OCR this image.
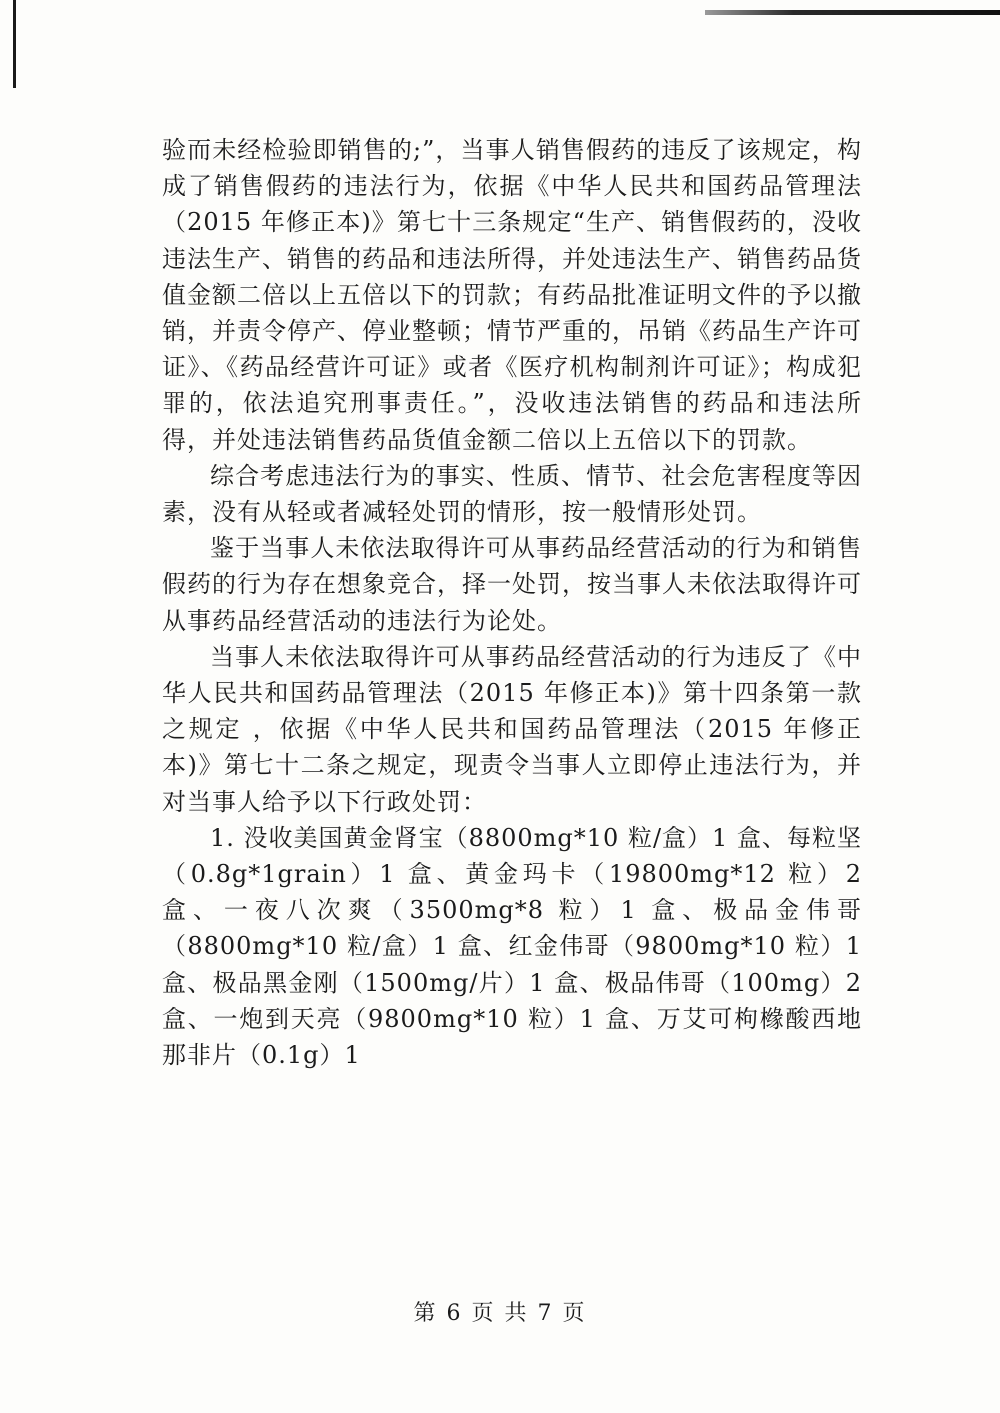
验而未经检验即销售的;”，当事人销售假药的违反了该规定，构成了销售假药的违法行为，依据《中华人民共和国药品管理法（2015 年修正本)》第七十三条规定“生产、销售假药的，没收违法生产、销售的药品和违法所得，并处违法生产、销售药品货值金额二倍以上五倍以下的罚款；有药品批准证明文件的予以撤销，并责令停产、停业整顿；情节严重的，吊销《药品生产许可证》、《药品经营许可证》或者《医疗机构制剂许可证》；构成犯罪的，依法追究刑事责任。”，没收违法销售的药品和违法所得，并处违法销售药品货值金额二倍以上五倍以下的罚款。

综合考虑违法行为的事实、性质、情节、社会危害程度等因素，没有从轻或者减轻处罚的情形，按一般情形处罚。

鉴于当事人未依法取得许可从事药品经营活动的行为和销售假药的行为存在想象竞合，择一处罚，按当事人未依法取得许可从事药品经营活动的违法行为论处。

当事人未依法取得许可从事药品经营活动的行为违反了《中华人民共和国药品管理法（2015 年修正本)》第十四条第一款之规定 ，依据《中华人民共和国药品管理法（2015 年修正本)》第七十二条之规定，现责令当事人立即停止违法行为，并对当事人给予以下行政处罚：

1. 没收美国黄金肾宝（8800mg*10 粒/盒）1 盒、每粒坚（0.8g*1grain）1 盒、黄金玛卡（19800mg*12 粒）2 盒、一夜八次爽（3500mg*8 粒）1 盒、极品金伟哥（8800mg*10 粒/盒）1 盒、红金伟哥（9800mg*10 粒）1 盒、极品黑金刚（1500mg/片）1 盒、极品伟哥（100mg）2 盒、一炮到天亮（9800mg*10 粒）1 盒、万艾可枸橼酸西地那非片（0.1g）1

第 6 页 共 7 页
